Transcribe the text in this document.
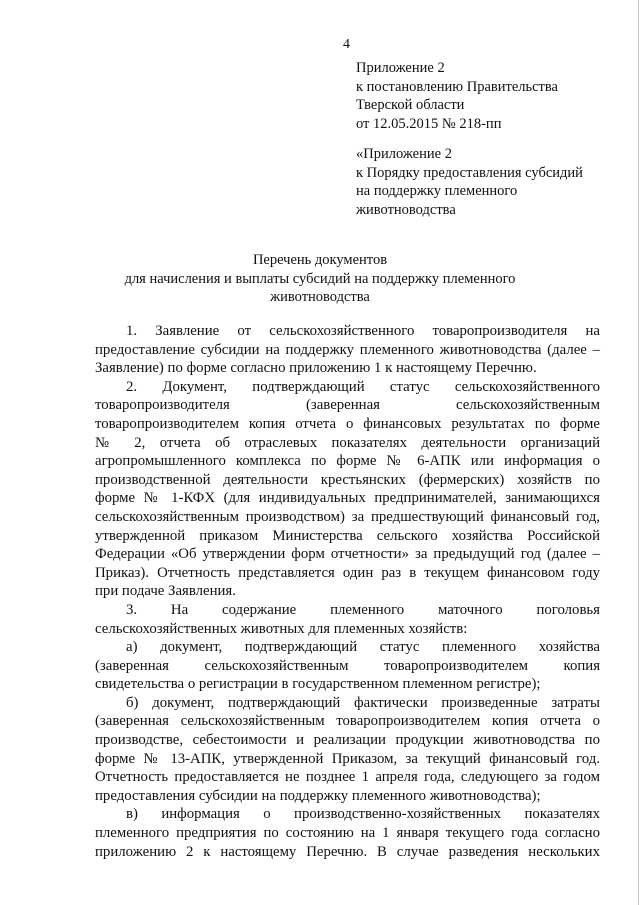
4
Приложение 2
к постановлению Правительства
Тверской области
от 12.05.2015 № 218-пп
«Приложение 2
к Порядку предоставления субсидий
на поддержку племенного
животноводства
Перечень документов
для начисления и выплаты субсидий на поддержку племенного
животноводства
1. Заявление от сельскохозяйственного товаропроизводителя на
предоставление субсидии на поддержку племенного животноводства (далее –
Заявление) по форме согласно приложению 1 к настоящему Перечню.
2. Документ, подтверждающий статус сельскохозяйственного
товаропроизводителя (заверенная сельскохозяйственным
товаропроизводителем копия отчета о финансовых результатах по форме
№ 2, отчета об отраслевых показателях деятельности организаций
агропромышленного комплекса по форме № 6-АПК или информация о
производственной деятельности крестьянских (фермерских) хозяйств по
форме № 1-КФХ (для индивидуальных предпринимателей, занимающихся
сельскохозяйственным производством) за предшествующий финансовый год,
утвержденной приказом Министерства сельского хозяйства Российской
Федерации «Об утверждении форм отчетности» за предыдущий год (далее –
Приказ). Отчетность представляется один раз в текущем финансовом году
при подаче Заявления.
3. На содержание племенного маточного поголовья
сельскохозяйственных животных для племенных хозяйств:
а) документ, подтверждающий статус племенного хозяйства
(заверенная сельскохозяйственным товаропроизводителем копия
свидетельства о регистрации в государственном племенном регистре);
б) документ, подтверждающий фактически произведенные затраты
(заверенная сельскохозяйственным товаропроизводителем копия отчета о
производстве, себестоимости и реализации продукции животноводства по
форме № 13-АПК, утвержденной Приказом, за текущий финансовый год.
Отчетность предоставляется не позднее 1 апреля года, следующего за годом
предоставления субсидии на поддержку племенного животноводства);
в) информация о производственно-хозяйственных показателях
племенного предприятия по состоянию на 1 января текущего года согласно
приложению 2 к настоящему Перечню. В случае разведения нескольких
